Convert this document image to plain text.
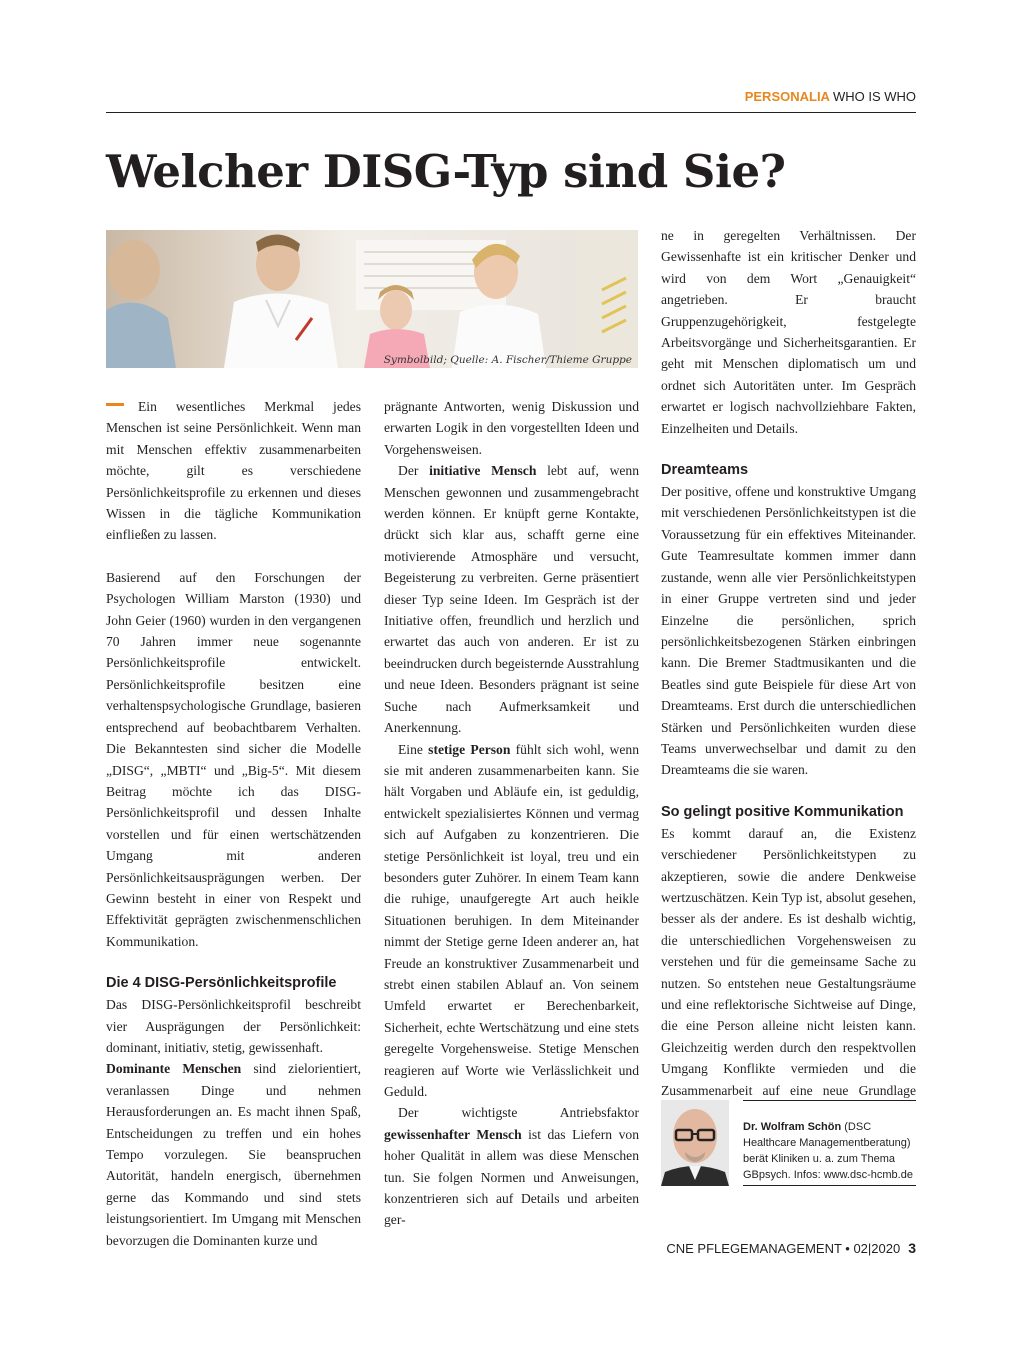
PERSONALIA WHO IS WHO
Welcher DISG-Typ sind Sie?
Symbolbild; Quelle: A. Fischer/Thieme Gruppe

Ein wesentliches Merkmal jedes Menschen ist seine Persönlichkeit. Wenn man mit Menschen effektiv zusammenarbeiten möchte, gilt es verschiedene Persönlichkeitsprofile zu erkennen und dieses Wissen in die tägliche Kommunikation einfließen zu lassen.

Basierend auf den Forschungen der Psychologen William Marston (1930) und John Geier (1960) wurden in den vergangenen 70 Jahren immer neue sogenannte Persönlichkeitsprofile entwickelt. Persönlichkeitsprofile besitzen eine verhaltenspsychologische Grundlage, basieren entsprechend auf beobachtbarem Verhalten. Die Bekanntesten sind sicher die Modelle „DISG“, „MBTI“ und „Big-5“. Mit diesem Beitrag möchte ich das DISG-Persönlichkeitsprofil und dessen Inhalte vorstellen und für einen wertschätzenden Umgang mit anderen Persönlichkeitsausprägungen werben. Der Gewinn besteht in einer von Respekt und Effektivität geprägten zwischenmenschlichen Kommunikation.

Die 4 DISG-Persönlichkeitsprofile

Das DISG-Persönlichkeitsprofil beschreibt vier Ausprägungen der Persönlichkeit: dominant, initiativ, stetig, gewissenhaft.

Dominante Menschen sind zielorientiert, veranlassen Dinge und nehmen Herausforderungen an. Es macht ihnen Spaß, Entscheidungen zu treffen und ein hohes Tempo vorzulegen. Sie beanspruchen Autorität, handeln energisch, übernehmen gerne das Kommando und sind stets leistungsorientiert. Im Umgang mit Menschen bevorzugen die Dominanten kurze und

prägnante Antworten, wenig Diskussion und erwarten Logik in den vorgestellten Ideen und Vorgehensweisen.

Der initiative Mensch lebt auf, wenn Menschen gewonnen und zusammengebracht werden können. Er knüpft gerne Kontakte, drückt sich klar aus, schafft gerne eine motivierende Atmosphäre und versucht, Begeisterung zu verbreiten. Gerne präsentiert dieser Typ seine Ideen. Im Gespräch ist der Initiative offen, freundlich und herzlich und erwartet das auch von anderen. Er ist zu beeindrucken durch begeisternde Ausstrahlung und neue Ideen. Besonders prägnant ist seine Suche nach Aufmerksamkeit und Anerkennung.

Eine stetige Person fühlt sich wohl, wenn sie mit anderen zusammenarbeiten kann. Sie hält Vorgaben und Abläufe ein, ist geduldig, entwickelt spezialisiertes Können und vermag sich auf Aufgaben zu konzentrieren. Die stetige Persönlichkeit ist loyal, treu und ein besonders guter Zuhörer. In einem Team kann die ruhige, unaufgeregte Art auch heikle Situationen beruhigen. In dem Miteinander nimmt der Stetige gerne Ideen anderer an, hat Freude an konstruktiver Zusammenarbeit und strebt einen stabilen Ablauf an. Von seinem Umfeld erwartet er Berechenbarkeit, Sicherheit, echte Wertschätzung und eine stets geregelte Vorgehensweise. Stetige Menschen reagieren auf Worte wie Verlässlichkeit und Geduld.

Der wichtigste Antriebsfaktor gewissenhafter Mensch ist das Liefern von hoher Qualität in allem was diese Menschen tun. Sie folgen Normen und Anweisungen, konzentrieren sich auf Details und arbeiten ger-

ne in geregelten Verhältnissen. Der Gewissenhafte ist ein kritischer Denker und wird von dem Wort „Genauigkeit“ angetrieben. Er braucht Gruppenzugehörigkeit, festgelegte Arbeitsvorgänge und Sicherheitsgarantien. Er geht mit Menschen diplomatisch um und ordnet sich Autoritäten unter. Im Gespräch erwartet er logisch nachvollziehbare Fakten, Einzelheiten und Details.

Dreamteams

Der positive, offene und konstruktive Umgang mit verschiedenen Persönlichkeitstypen ist die Voraussetzung für ein effektives Miteinander. Gute Teamresultate kommen immer dann zustande, wenn alle vier Persönlichkeitstypen in einer Gruppe vertreten sind und jeder Einzelne die persönlichen, sprich persönlichkeitsbezogenen Stärken einbringen kann. Die Bremer Stadtmusikanten und die Beatles sind gute Beispiele für diese Art von Dreamteams. Erst durch die unterschiedlichen Stärken und Persönlichkeiten wurden diese Teams unverwechselbar und damit zu den Dreamteams die sie waren.

So gelingt positive Kommunikation

Es kommt darauf an, die Existenz verschiedener Persönlichkeitstypen zu akzeptieren, sowie die andere Denkweise wertzuschätzen. Kein Typ ist, absolut gesehen, besser als der andere. Es ist deshalb wichtig, die unterschiedlichen Vorgehensweisen zu verstehen und für die gemeinsame Sache zu nutzen. So entstehen neue Gestaltungsräume und eine reflektorische Sichtweise auf Dinge, die eine Person alleine nicht leisten kann. Gleichzeitig werden durch den respektvollen Umgang Konflikte vermieden und die Zusammenarbeit auf eine neue Grundlage

Dr. Wolfram Schön (DSC Healthcare Managementberatung) berät Kliniken u. a. zum Thema GBpsych. Infos: www.dsc-hcmb.de
CNE PFLEGEMANAGEMENT • 02|2020 3
